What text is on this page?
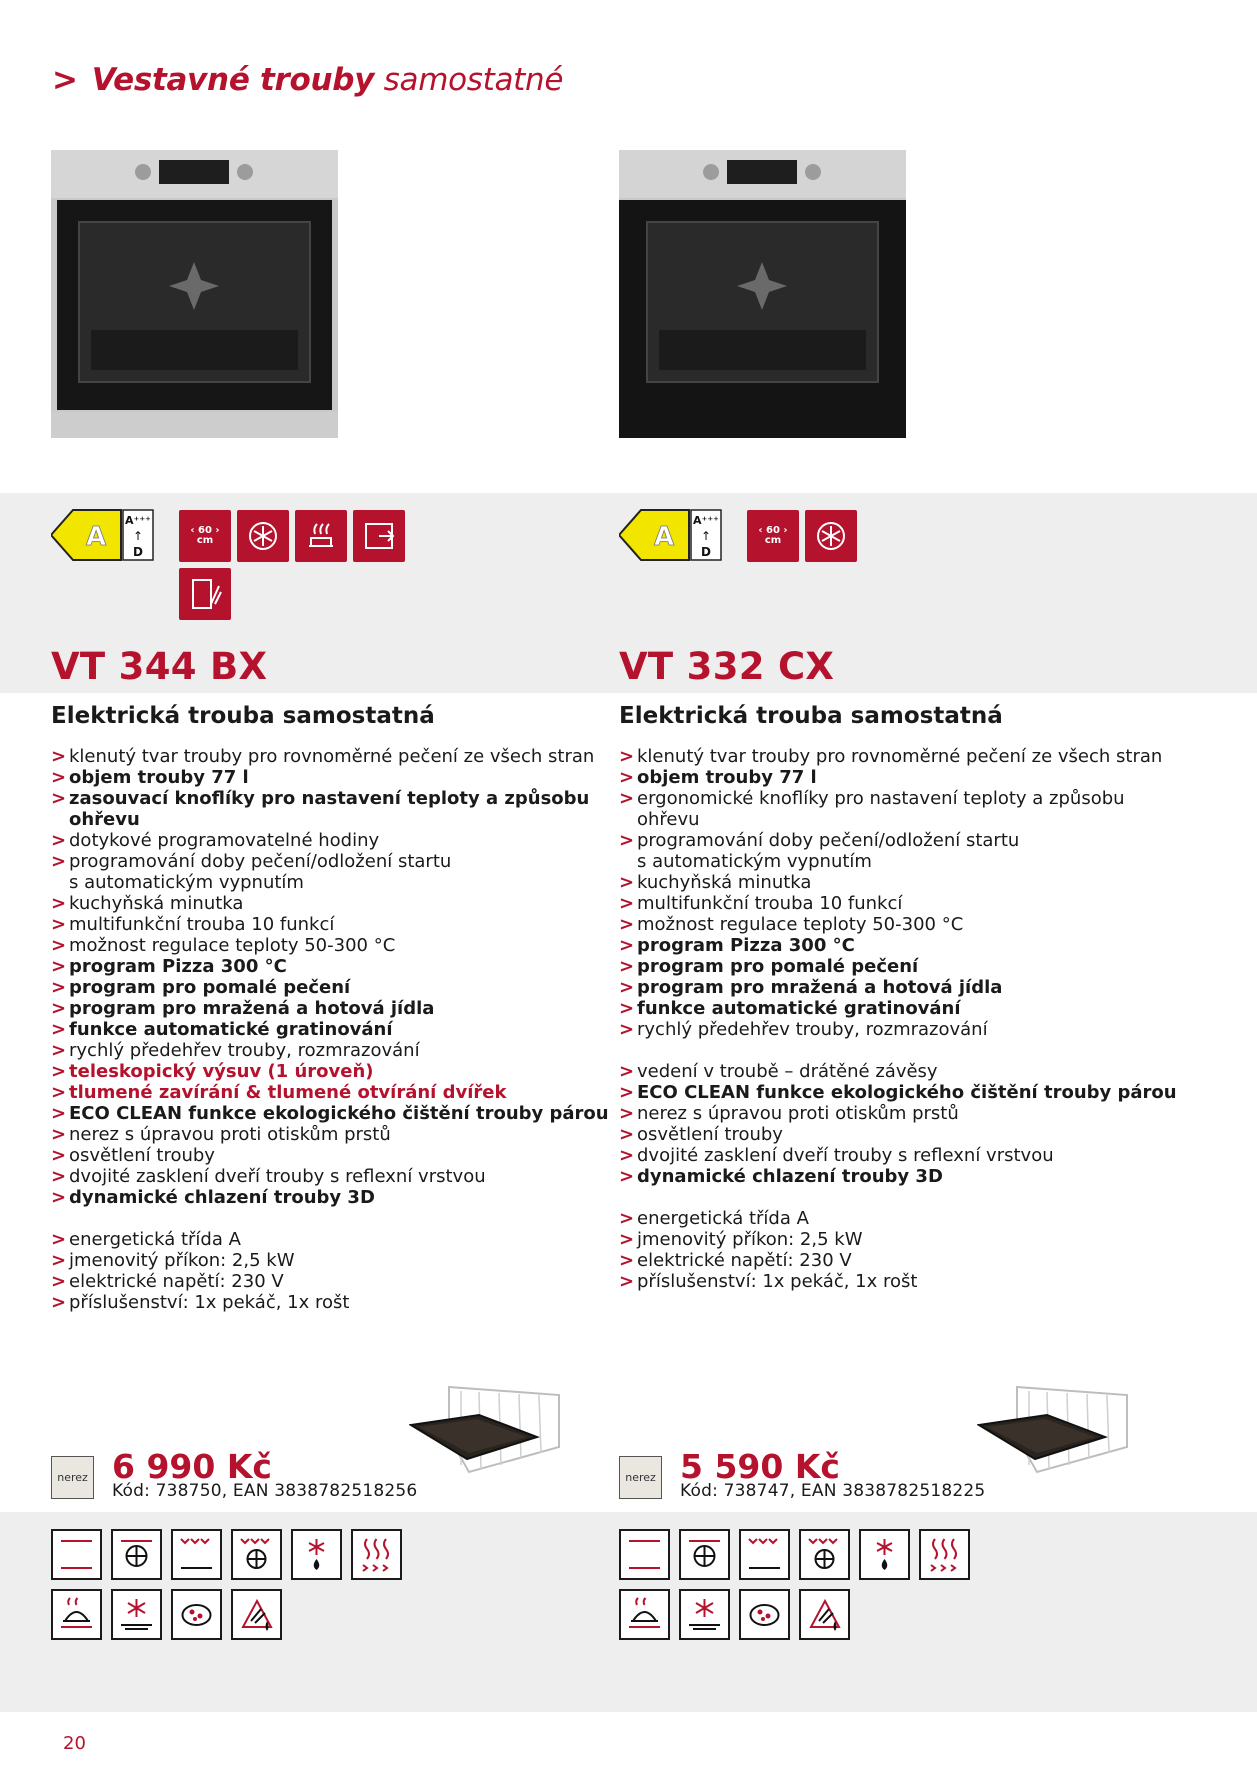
> Vestavné trouby samostatné
A
A⁺⁺⁺
↑
D
‹ 60 ›
cm
VT 344 BX
Elektrická trouba samostatná
> klenutý tvar trouby pro rovnoměrné pečení ze všech stran
> objem trouby 77 l
> zasouvací knoflíky pro nastavení teploty a způsobu
ohřevu
> dotykové programovatelné hodiny
> programování doby pečení/odložení startu
s automatickým vypnutím
> kuchyňská minutka
> multifunkční trouba 10 funkcí
> možnost regulace teploty 50-300 °C
> program Pizza 300 °C
> program pro pomalé pečení
> program pro mražená a hotová jídla
> funkce automatické gratinování
> rychlý předehřev trouby, rozmrazování
> teleskopický výsuv (1 úroveň)
> tlumené zavírání & tlumené otvírání dvířek
> ECO CLEAN funkce ekologického čištění trouby párou
> nerez s úpravou proti otiskům prstů
> osvětlení trouby
> dvojité zasklení dveří trouby s reflexní vrstvou
> dynamické chlazení trouby 3D
> energetická třída A
> jmenovitý příkon: 2,5 kW
> elektrické napětí: 230 V
> příslušenství: 1x pekáč, 1x rošt
nerez 6 990 Kč
Kód: 738750, EAN 3838782518256
A
A⁺⁺⁺
↑
D
‹ 60 ›
cm
VT 332 CX
Elektrická trouba samostatná
> klenutý tvar trouby pro rovnoměrné pečení ze všech stran
> objem trouby 77 l
> ergonomické knoflíky pro nastavení teploty a způsobu
ohřevu
> programování doby pečení/odložení startu
s automatickým vypnutím
> kuchyňská minutka
> multifunkční trouba 10 funkcí
> možnost regulace teploty 50-300 °C
> program Pizza 300 °C
> program pro pomalé pečení
> program pro mražená a hotová jídla
> funkce automatické gratinování
> rychlý předehřev trouby, rozmrazování
> vedení v troubě – drátěné závěsy
> ECO CLEAN funkce ekologického čištění trouby párou
> nerez s úpravou proti otiskům prstů
> osvětlení trouby
> dvojité zasklení dveří trouby s reflexní vrstvou
> dynamické chlazení trouby 3D
> energetická třída A
> jmenovitý příkon: 2,5 kW
> elektrické napětí: 230 V
> příslušenství: 1x pekáč, 1x rošt
nerez 5 590 Kč
Kód: 738747, EAN 3838782518225
20
